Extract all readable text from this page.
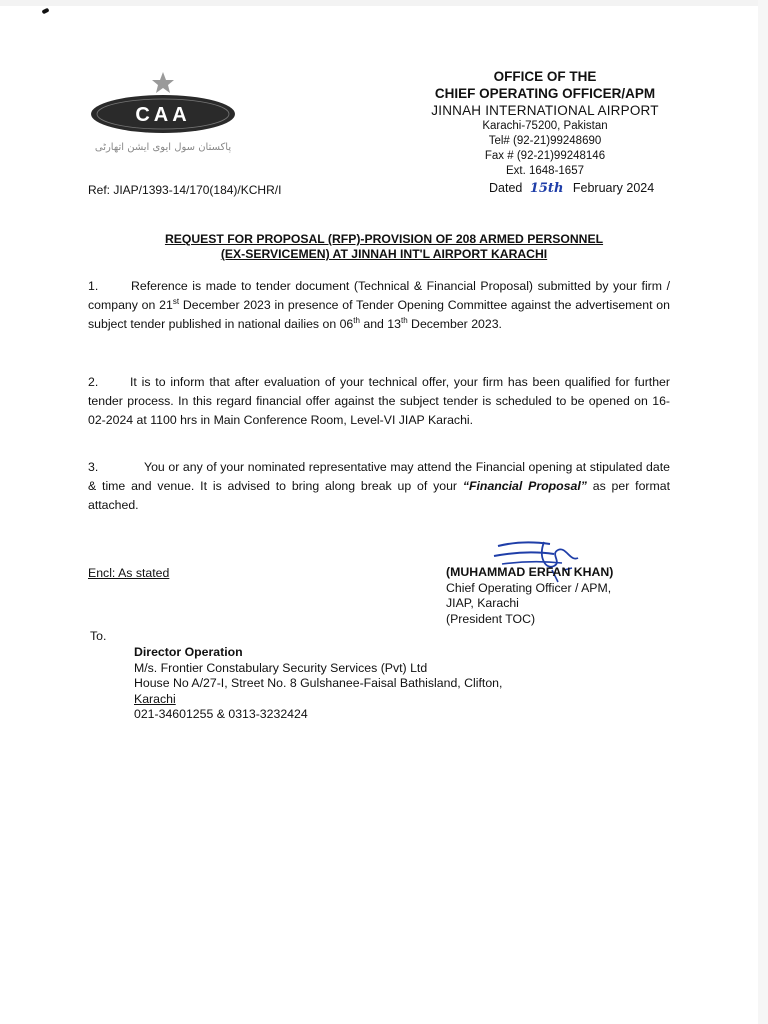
CAA
پاکستان سول ایوی ایشن اتھارٹی
OFFICE OF THE
CHIEF OPERATING OFFICER/APM
JINNAH INTERNATIONAL AIRPORT
Karachi-75200, Pakistan
Tel# (92-21)99248690
Fax # (92-21)99248146
Ext. 1648-1657
Ref: JIAP/1393-14/170(184)/KCHR/I	Dated 15th February 2024
REQUEST FOR PROPOSAL (RFP)-PROVISION OF 208 ARMED PERSONNEL
(EX-SERVICEMEN) AT JINNAH INT'L AIRPORT KARACHI
1.	Reference is made to tender document (Technical & Financial Proposal) submitted by your firm / company on 21st December 2023 in presence of Tender Opening Committee against the advertisement on subject tender published in national dailies on 06th and 13th December 2023.
2.	It is to inform that after evaluation of your technical offer, your firm has been qualified for further tender process. In this regard financial offer against the subject tender is scheduled to be opened on 16-02-2024 at 1100 hrs in Main Conference Room, Level-VI JIAP Karachi.
3.	You or any of your nominated representative may attend the Financial opening at stipulated date & time and venue. It is advised to bring along break up of your “Financial Proposal” as per format attached.
Encl: As stated	(MUHAMMAD ERFAN KHAN)
Chief Operating Officer / APM,
JIAP, Karachi
(President TOC)
To.
Director Operation
M/s. Frontier Constabulary Security Services (Pvt) Ltd
House No A/27-I, Street No. 8 Gulshanee-Faisal Bathisland, Clifton,
Karachi
021-34601255 & 0313-3232424
